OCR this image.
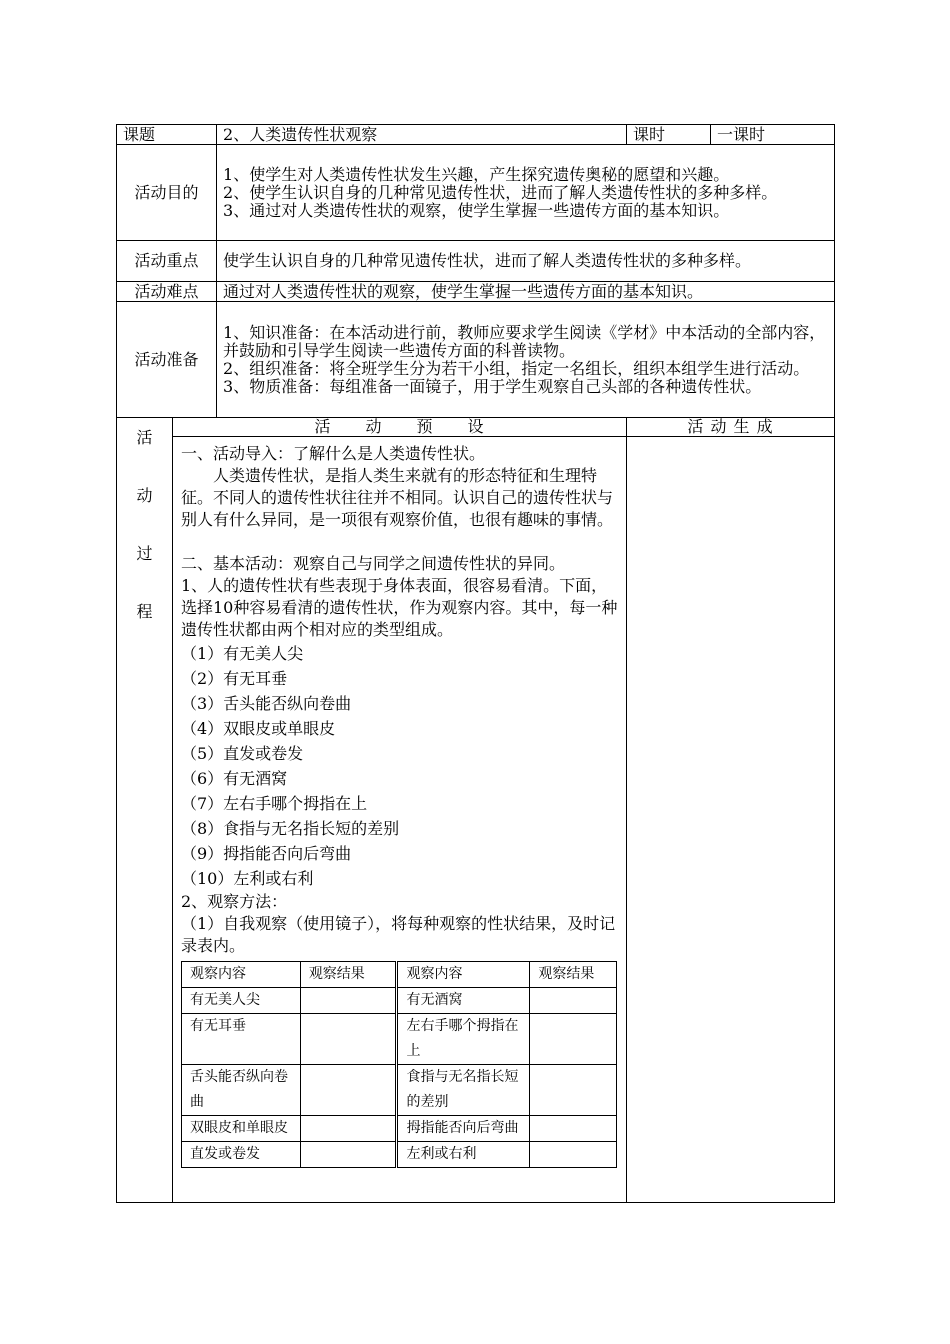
课题	2、人类遗传性状观察	课时	一课时
活动目的	
1、使学生对人类遗传性状发生兴趣，产生探究遗传奥秘的愿望和兴趣。
2、使学生认识自身的几种常见遗传性状，进而了解人类遗传性状的多种多样。
3、通过对人类遗传性状的观察，使学生掌握一些遗传方面的基本知识。

活动重点	使学生认识自身的几种常见遗传性状，进而了解人类遗传性状的多种多样。
活动难点	通过对人类遗传性状的观察，使学生掌握一些遗传方面的基本知识。
活动准备	
1、知识准备：在本活动进行前，教师应要求学生阅读《学材》中本活动的全部内容，并鼓励和引导学生阅读一些遗传方面的科普读物。
2、组织准备：将全班学生分为若干小组，指定一名组长，组织本组学生进行活动。
3、物质准备：每组准备一面镜子，用于学生观察自己头部的各种遗传性状。

活
动
过
程
	活　　动　　预　　设	活 动 生 成

一、活动导入：了解什么是人类遗传性状。

人类遗传性状，是指人类生来就有的形态特征和生理特征。不同人的遗传性状往往并不相同。认识自己的遗传性状与别人有什么异同，是一项很有观察价值，也很有趣味的事情。

二、基本活动：观察自己与同学之间遗传性状的异同。

1、人的遗传性状有些表现于身体表面，很容易看清。下面，选择10种容易看清的遗传性状，作为观察内容。其中，每一种遗传性状都由两个相对应的类型组成。

（1）有无美人尖

（2）有无耳垂

（3）舌头能否纵向卷曲

（4）双眼皮或单眼皮

（5）直发或卷发

（6）有无酒窝

（7）左右手哪个拇指在上

（8）食指与无名指长短的差别

（9）拇指能否向后弯曲

（10）左利或右利

2、观察方法：

（1）自我观察（使用镜子），将每种观察的性状结果，及时记录表内。

观察内容	观察结果	观察内容	观察结果
有无美人尖		有无酒窝	
有无耳垂		左右手哪个拇指在上	
舌头能否纵向卷曲		食指与无名指长短的差别	
双眼皮和单眼皮		拇指能否向后弯曲	
直发或卷发		左利或右利	
